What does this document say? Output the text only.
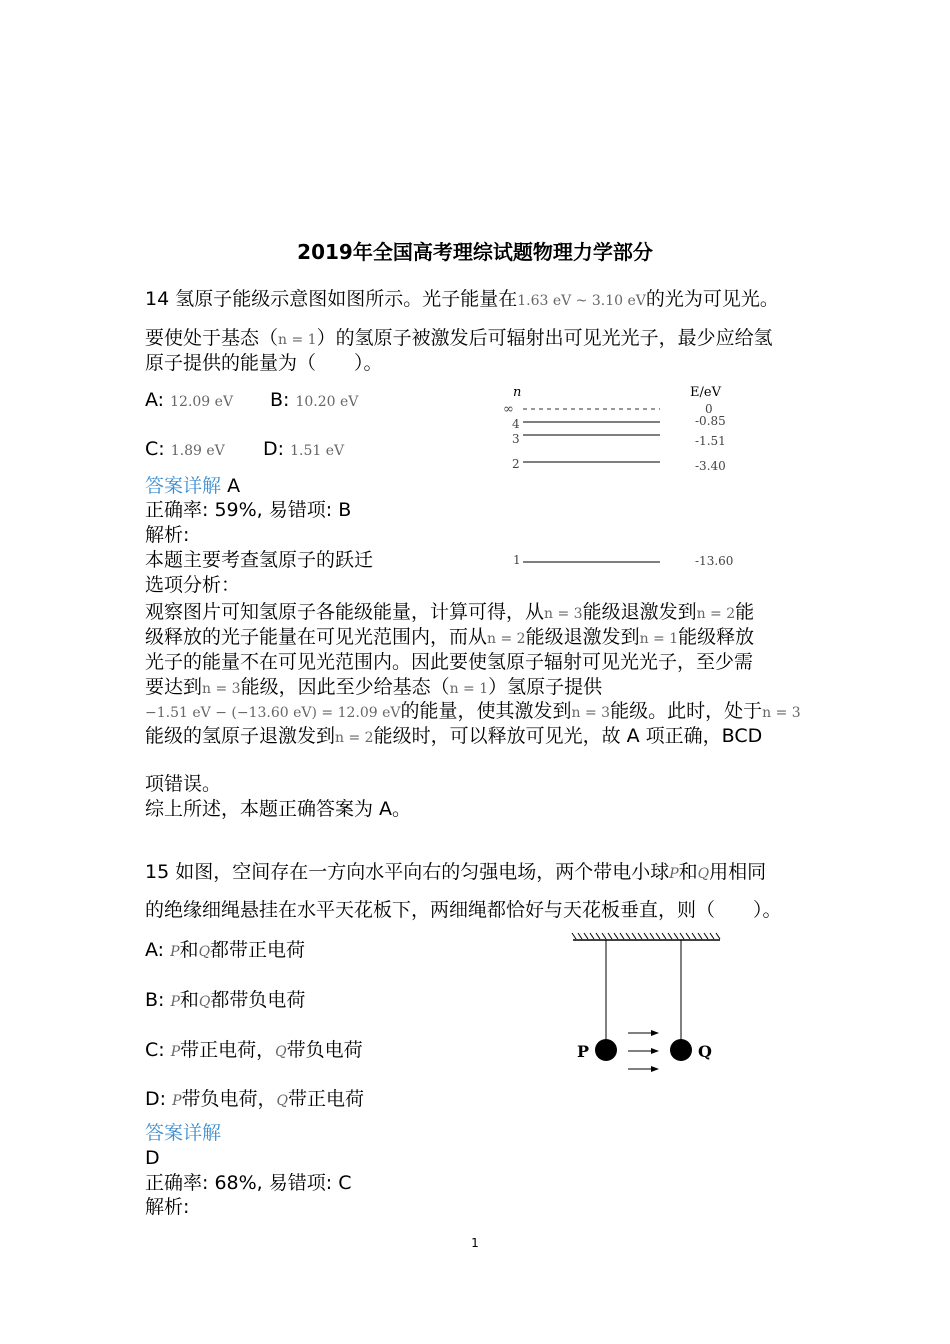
2019年全国高考理综试题物理力学部分
14 氢原子能级示意图如图所示。光子能量在1.63 eV ~ 3.10 eV的光为可见光。
要使处于基态（n = 1）的氢原子被激发后可辐射出可见光光子，最少应给氢
原子提供的能量为（　　）。
A: 12.09 eV B: 10.20 eV
C: 1.89 eV D: 1.51 eV
n	E/eV
∞	0
4	-0.85
3	-1.51
2	-3.40
1	-13.60
答案详解 A
正确率: 59%, 易错项: B
解析:
本题主要考查氢原子的跃迁
选项分析：
观察图片可知氢原子各能级能量，计算可得，从n = 3能级退激发到n = 2能
级释放的光子能量在可见光范围内，而从n = 2能级退激发到n = 1能级释放
光子的能量不在可见光范围内。因此要使氢原子辐射可见光光子，至少需
要达到n = 3能级，因此至少给基态（n = 1）氢原子提供
−1.51 eV − (−13.60 eV) = 12.09 eV的能量，使其激发到n = 3能级。此时，处于n = 3
能级的氢原子退激发到n = 2能级时，可以释放可见光，故 A 项正确，BCD
项错误。
综上所述，本题正确答案为 A。
15 如图，空间存在一方向水平向右的匀强电场，两个带电小球P和Q用相同
的绝缘细绳悬挂在水平天花板下，两细绳都恰好与天花板垂直，则（　　）。
A: P和Q都带正电荷
B: P和Q都带负电荷
C: P带正电荷，Q带负电荷
D: P带负电荷，Q带正电荷
P	Q
答案详解
D
正确率: 68%, 易错项: C
解析:
1
